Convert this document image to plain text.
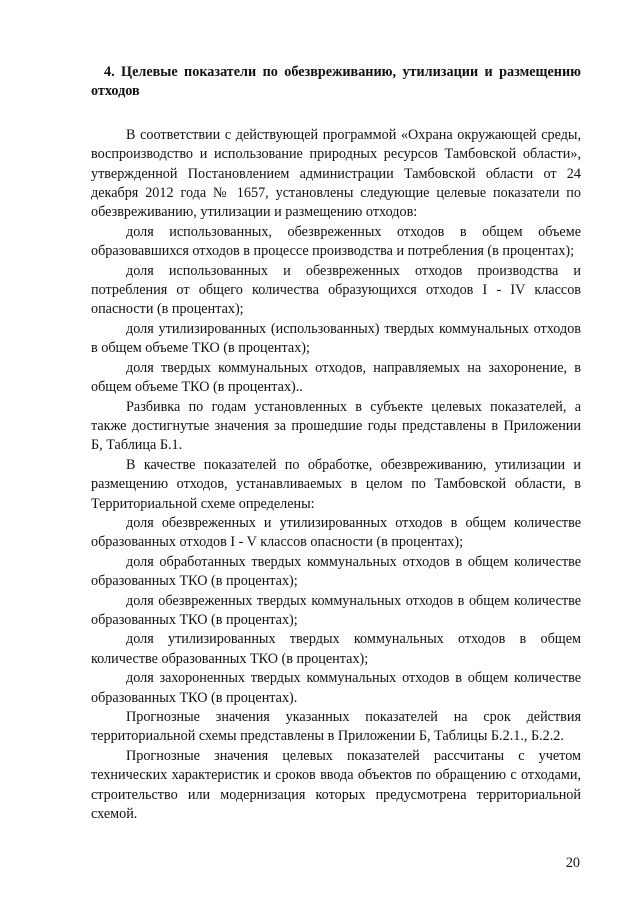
4. Целевые показатели по обезвреживанию, утилизации и размещению отходов

В соответствии с действующей программой «Охрана окружающей среды, воспроизводство и использование природных ресурсов Тамбовской области», утвержденной Постановлением администрации Тамбовской области от 24 декабря 2012 года № 1657, установлены следующие целевые показатели по обезвреживанию, утилизации и размещению отходов:

доля использованных, обезвреженных отходов в общем объеме образовавшихся отходов в процессе производства и потребления (в процентах);

доля использованных и обезвреженных отходов производства и потребления от общего количества образующихся отходов I - IV классов опасности (в процентах);

доля утилизированных (использованных) твердых коммунальных отходов в общем объеме ТКО (в процентах);

доля твердых коммунальных отходов, направляемых на захоронение, в общем объеме ТКО (в процентах)..

Разбивка по годам установленных в субъекте целевых показателей, а также достигнутые значения за прошедшие годы представлены в Приложении Б, Таблица Б.1.

В качестве показателей по обработке, обезвреживанию, утилизации и размещению отходов, устанавливаемых в целом по Тамбовской области, в Территориальной схеме определены:

доля обезвреженных и утилизированных отходов в общем количестве образованных отходов I - V классов опасности (в процентах);

доля обработанных твердых коммунальных отходов в общем количестве образованных ТКО (в процентах);

доля обезвреженных твердых коммунальных отходов в общем количестве образованных ТКО (в процентах);

доля утилизированных твердых коммунальных отходов в общем количестве образованных ТКО (в процентах);

доля захороненных твердых коммунальных отходов в общем количестве образованных ТКО (в процентах).

Прогнозные значения указанных показателей на срок действия территориальной схемы представлены в Приложении Б, Таблицы Б.2.1., Б.2.2.

Прогнозные значения целевых показателей рассчитаны с учетом технических характеристик и сроков ввода объектов по обращению с отходами, строительство или модернизация которых предусмотрена территориальной схемой.

20
